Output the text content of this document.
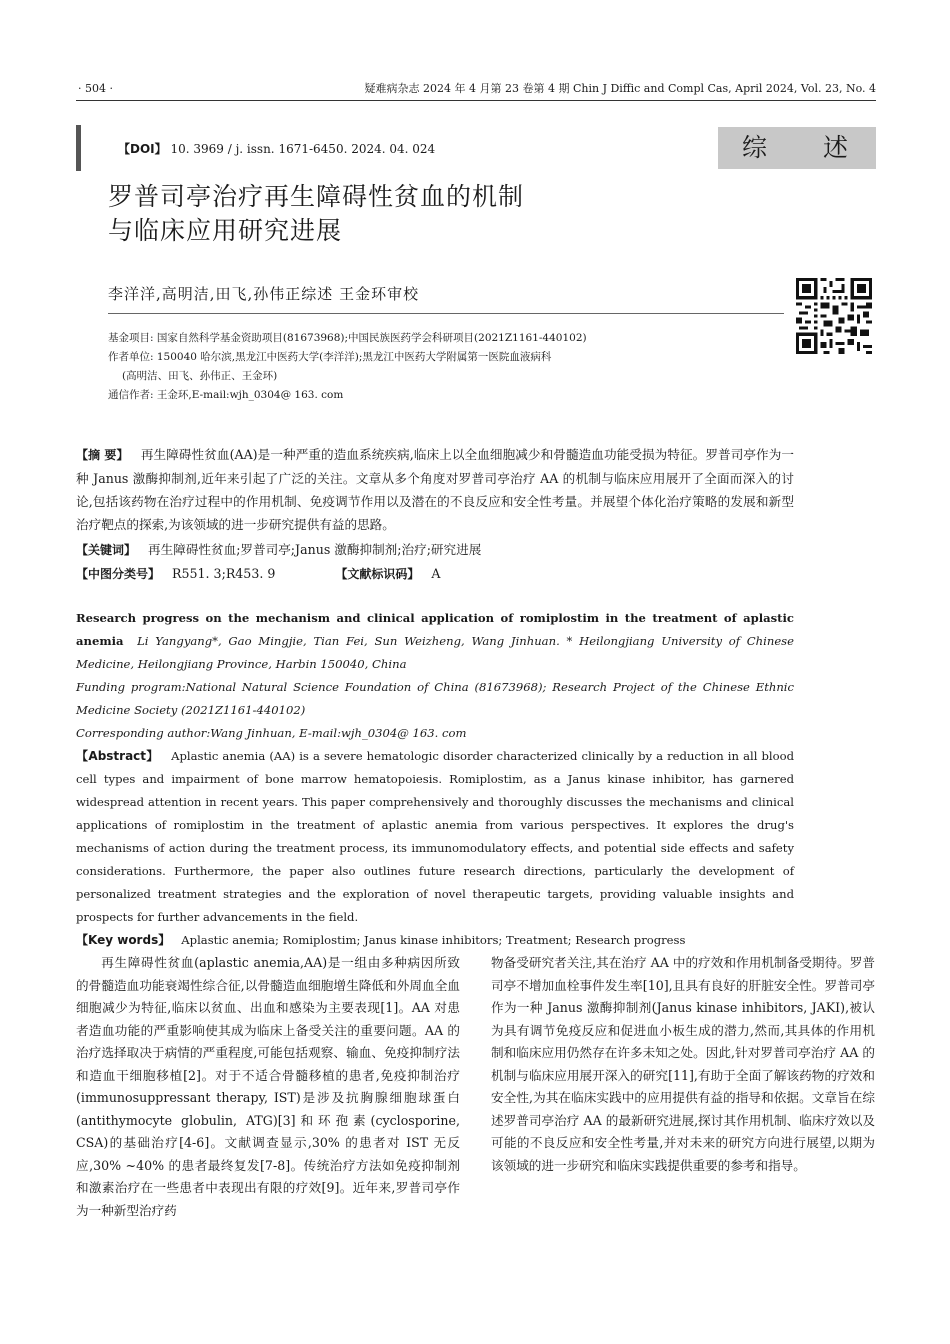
· 504 ·	疑难病杂志 2024 年 4 月第 23 卷第 4 期 Chin J Diffic and Compl Cas, April 2024, Vol. 23, No. 4
【DOI】 10. 3969 / j. issn. 1671-6450. 2024. 04. 024	综 述
罗普司亭治疗再生障碍性贫血的机制
与临床应用研究进展
李洋洋,高明洁,田飞,孙伟正综述 王金环审校

基金项目: 国家自然科学基金资助项目(81673968);中国民族医药学会科研项目(2021Z1161-440102)

作者单位: 150040 哈尔滨,黑龙江中医药大学(李洋洋);黑龙江中医药大学附属第一医院血液病科

(高明洁、田飞、孙伟正、王金环)

通信作者: 王金环,E-mail:wjh_0304@ 163. com

【摘 要】 再生障碍性贫血(AA)是一种严重的造血系统疾病,临床上以全血细胞减少和骨髓造血功能受损为特征。罗普司亭作为一种 Janus 激酶抑制剂,近年来引起了广泛的关注。文章从多个角度对罗普司亭治疗 AA 的机制与临床应用展开了全面而深入的讨论,包括该药物在治疗过程中的作用机制、免疫调节作用以及潜在的不良反应和安全性考量。并展望个体化治疗策略的发展和新型治疗靶点的探索,为该领域的进一步研究提供有益的思路。

【关键词】 再生障碍性贫血;罗普司亭;Janus 激酶抑制剂;治疗;研究进展

【中图分类号】 R551. 3;R453. 9	【文献标识码】 A

Research progress on the mechanism and clinical application of romiplostim in the treatment of aplastic anemia Li Yangyang*, Gao Mingjie, Tian Fei, Sun Weizheng, Wang Jinhuan. * Heilongjiang University of Chinese Medicine, Heilongjiang Province, Harbin 150040, China

Funding program:National Natural Science Foundation of China (81673968); Research Project of the Chinese Ethnic Medicine Society (2021Z1161-440102)

Corresponding author:Wang Jinhuan, E-mail:wjh_0304@ 163. com

【Abstract】 Aplastic anemia (AA) is a severe hematologic disorder characterized clinically by a reduction in all blood cell types and impairment of bone marrow hematopoiesis. Romiplostim, as a Janus kinase inhibitor, has garnered widespread attention in recent years. This paper comprehensively and thoroughly discusses the mechanisms and clinical applications of romiplostim in the treatment of aplastic anemia from various perspectives. It explores the drug's mechanisms of action during the treatment process, its immunomodulatory effects, and potential side effects and safety considerations. Furthermore, the paper also outlines future research directions, particularly the development of personalized treatment strategies and the exploration of novel therapeutic targets, providing valuable insights and prospects for further advancements in the field.

【Key words】 Aplastic anemia; Romiplostim; Janus kinase inhibitors; Treatment; Research progress

再生障碍性贫血(aplastic anemia,AA)是一组由多种病因所致的骨髓造血功能衰竭性综合征,以骨髓造血细胞增生降低和外周血全血细胞减少为特征,临床以贫血、出血和感染为主要表现[1]。AA 对患者造血功能的严重影响使其成为临床上备受关注的重要问题。AA 的治疗选择取决于病情的严重程度,可能包括观察、输血、免疫抑制疗法和造血干细胞移植[2]。对于不适合骨髓移植的患者,免疫抑制治疗(immunosuppressant therapy, IST)是涉及抗胸腺细胞球蛋白(antithymocyte globulin, ATG)[3]和环孢素(cyclosporine, CSA)的基础治疗[4-6]。文献调查显示,30% 的患者对 IST 无反应,30% ~40% 的患者最终复发[7-8]。传统治疗方法如免疫抑制剂和激素治疗在一些患者中表现出有限的疗效[9]。近年来,罗普司亭作为一种新型治疗药

物备受研究者关注,其在治疗 AA 中的疗效和作用机制备受期待。罗普司亭不增加血栓事件发生率[10],且具有良好的肝脏安全性。罗普司亭作为一种 Janus 激酶抑制剂(Janus kinase inhibitors, JAKI),被认为具有调节免疫反应和促进血小板生成的潜力,然而,其具体的作用机制和临床应用仍然存在许多未知之处。因此,针对罗普司亭治疗 AA 的机制与临床应用展开深入的研究[11],有助于全面了解该药物的疗效和安全性,为其在临床实践中的应用提供有益的指导和依据。文章旨在综述罗普司亭治疗 AA 的最新研究进展,探讨其作用机制、临床疗效以及可能的不良反应和安全性考量,并对未来的研究方向进行展望,以期为该领域的进一步研究和临床实践提供重要的参考和指导。
